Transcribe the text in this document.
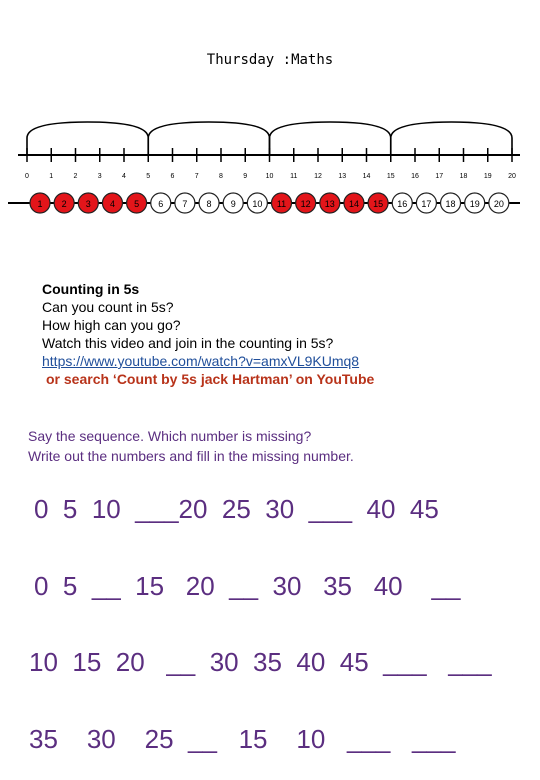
Thursday :Maths
0	1	2	3	4	5	6	7	8	9	10 11 12 13 14 15 16 17 18 19 20
1 2 3 4 5 6 7 8 9 10 11 12 13 14 15 16 17 18 19 20
Counting in 5s
Can you count in 5s?
How high can you go?
Watch this video and join in the counting in 5s?
https://www.youtube.com/watch?v=amxVL9KUmq8
or search ‘Count by 5s jack Hartman’ on YouTube
Say the sequence. Which number is missing?
Write out the numbers and fill in the missing number.
0  5  10  ___20  25  30  ___  40  45
0  5  __  15   20  __  30   35   40    __
10  15  20   __  30  35  40  45  ___   ___
35    30    25  __   15    10   ___   ___
